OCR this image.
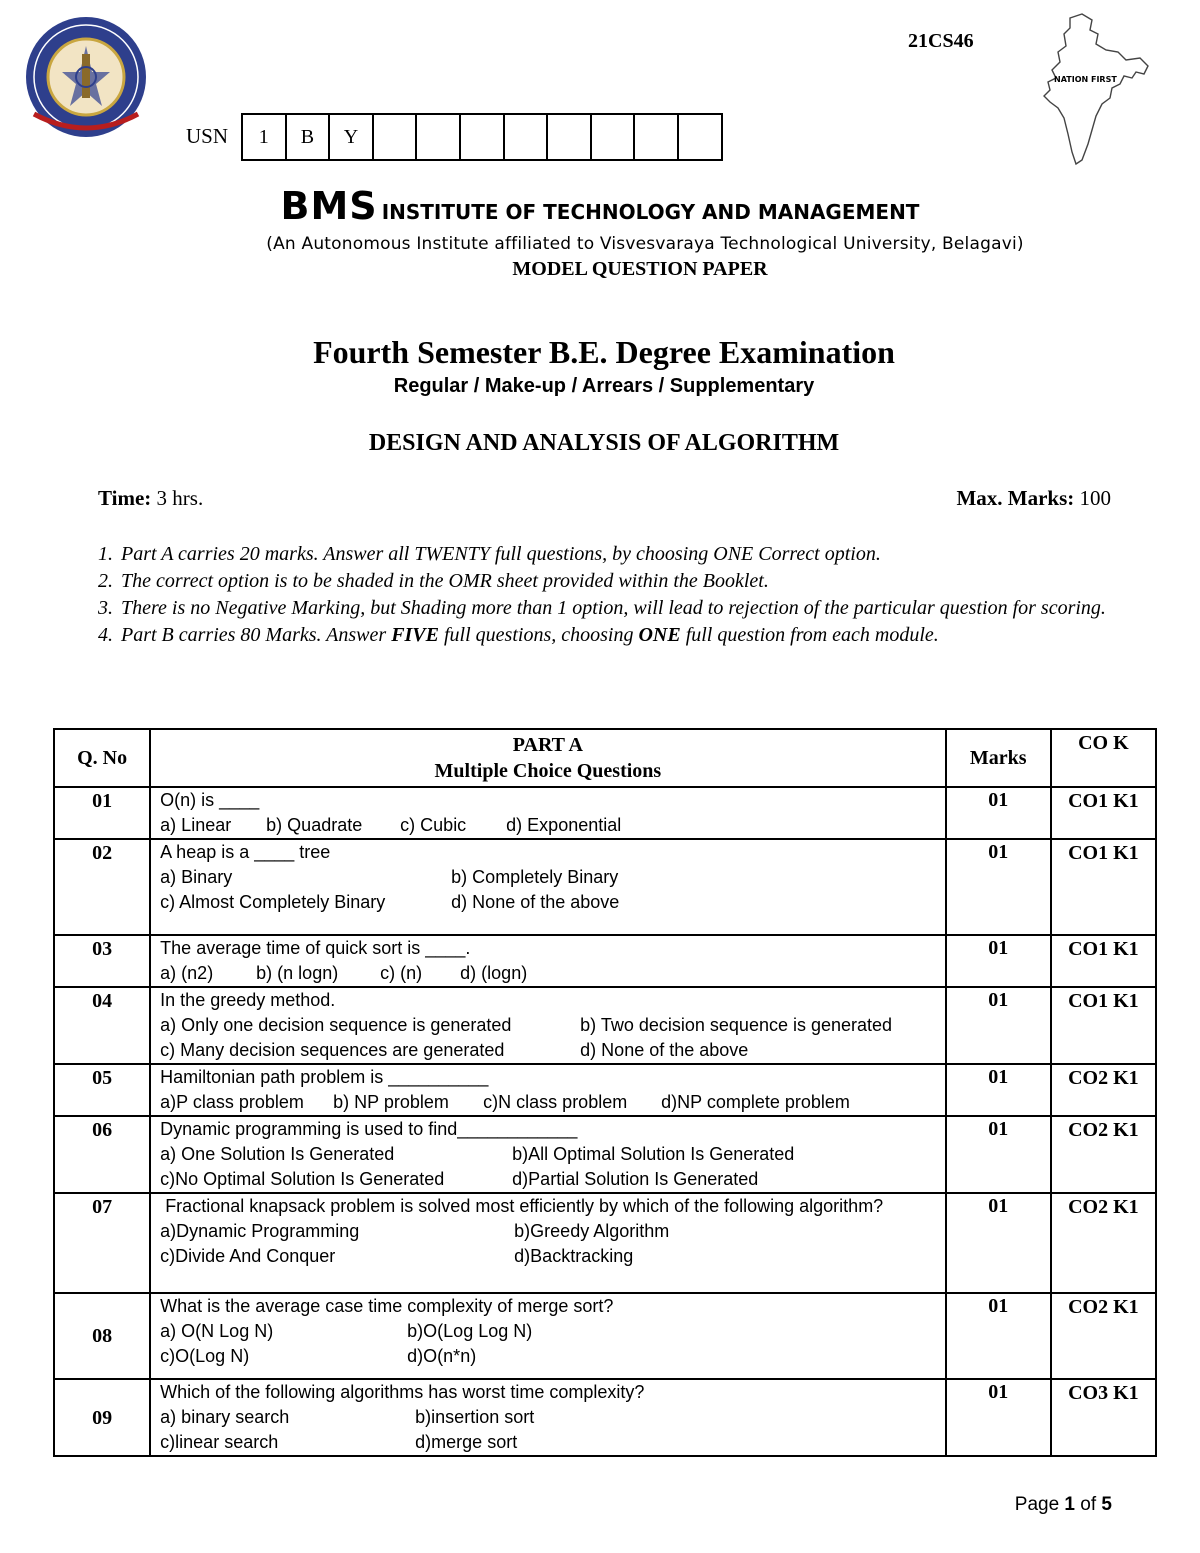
21CS46
NATION FIRST
USN	1	B	Y
BMS INSTITUTE OF TECHNOLOGY AND MANAGEMENT
(An Autonomous Institute affiliated to Visvesvaraya Technological University, Belagavi)
MODEL QUESTION PAPER
Fourth Semester B.E. Degree Examination
Regular / Make-up / Arrears / Supplementary
DESIGN AND ANALYSIS OF ALGORITHM
Time: 3 hrs.	Max. Marks: 100
1. Part A carries 20 marks. Answer all TWENTY full questions, by choosing ONE Correct option.
2. The correct option is to be shaded in the OMR sheet provided within the Booklet.
3. There is no Negative Marking, but Shading more than 1 option, will lead to rejection of the particular question for scoring.
4. Part B carries 80 Marks. Answer FIVE full questions, choosing ONE full question from each module.
Q. No	PART A
Multiple Choice Questions	Marks	CO K
01	O(n) is ____
a) Linear b) Quadrate c) Cubic d) Exponential	01	CO1 K1
02	A heap is a ____ tree
a) Binary b) Completely Binary
c) Almost Completely Binary d) None of the above	01	CO1 K1
03	The average time of quick sort is ____.
a) (n2) b) (n logn) c) (n) d) (logn)	01	CO1 K1
04	In the greedy method.
a) Only one decision sequence is generated b) Two decision sequence is generated
c) Many decision sequences are generated d) None of the above	01	CO1 K1
05	Hamiltonian path problem is __________
a)P class problem b) NP problem c)N class problem d)NP complete problem	01	CO2 K1
06	Dynamic programming is used to find____________
a) One Solution Is Generated b)All Optimal Solution Is Generated
c)No Optimal Solution Is Generated d)Partial Solution Is Generated	01	CO2 K1
07	Fractional knapsack problem is solved most efficiently by which of the following algorithm?
a)Dynamic Programming b)Greedy Algorithm
c)Divide And Conquer d)Backtracking	01	CO2 K1
08	What is the average case time complexity of merge sort?
a) O(N Log N) b)O(Log Log N)
c)O(Log N) d)O(n*n)	01	CO2 K1
09	Which of the following algorithms has worst time complexity?
a) binary search b)insertion sort
c)linear search d)merge sort	01	CO3 K1
Page 1 of 5
